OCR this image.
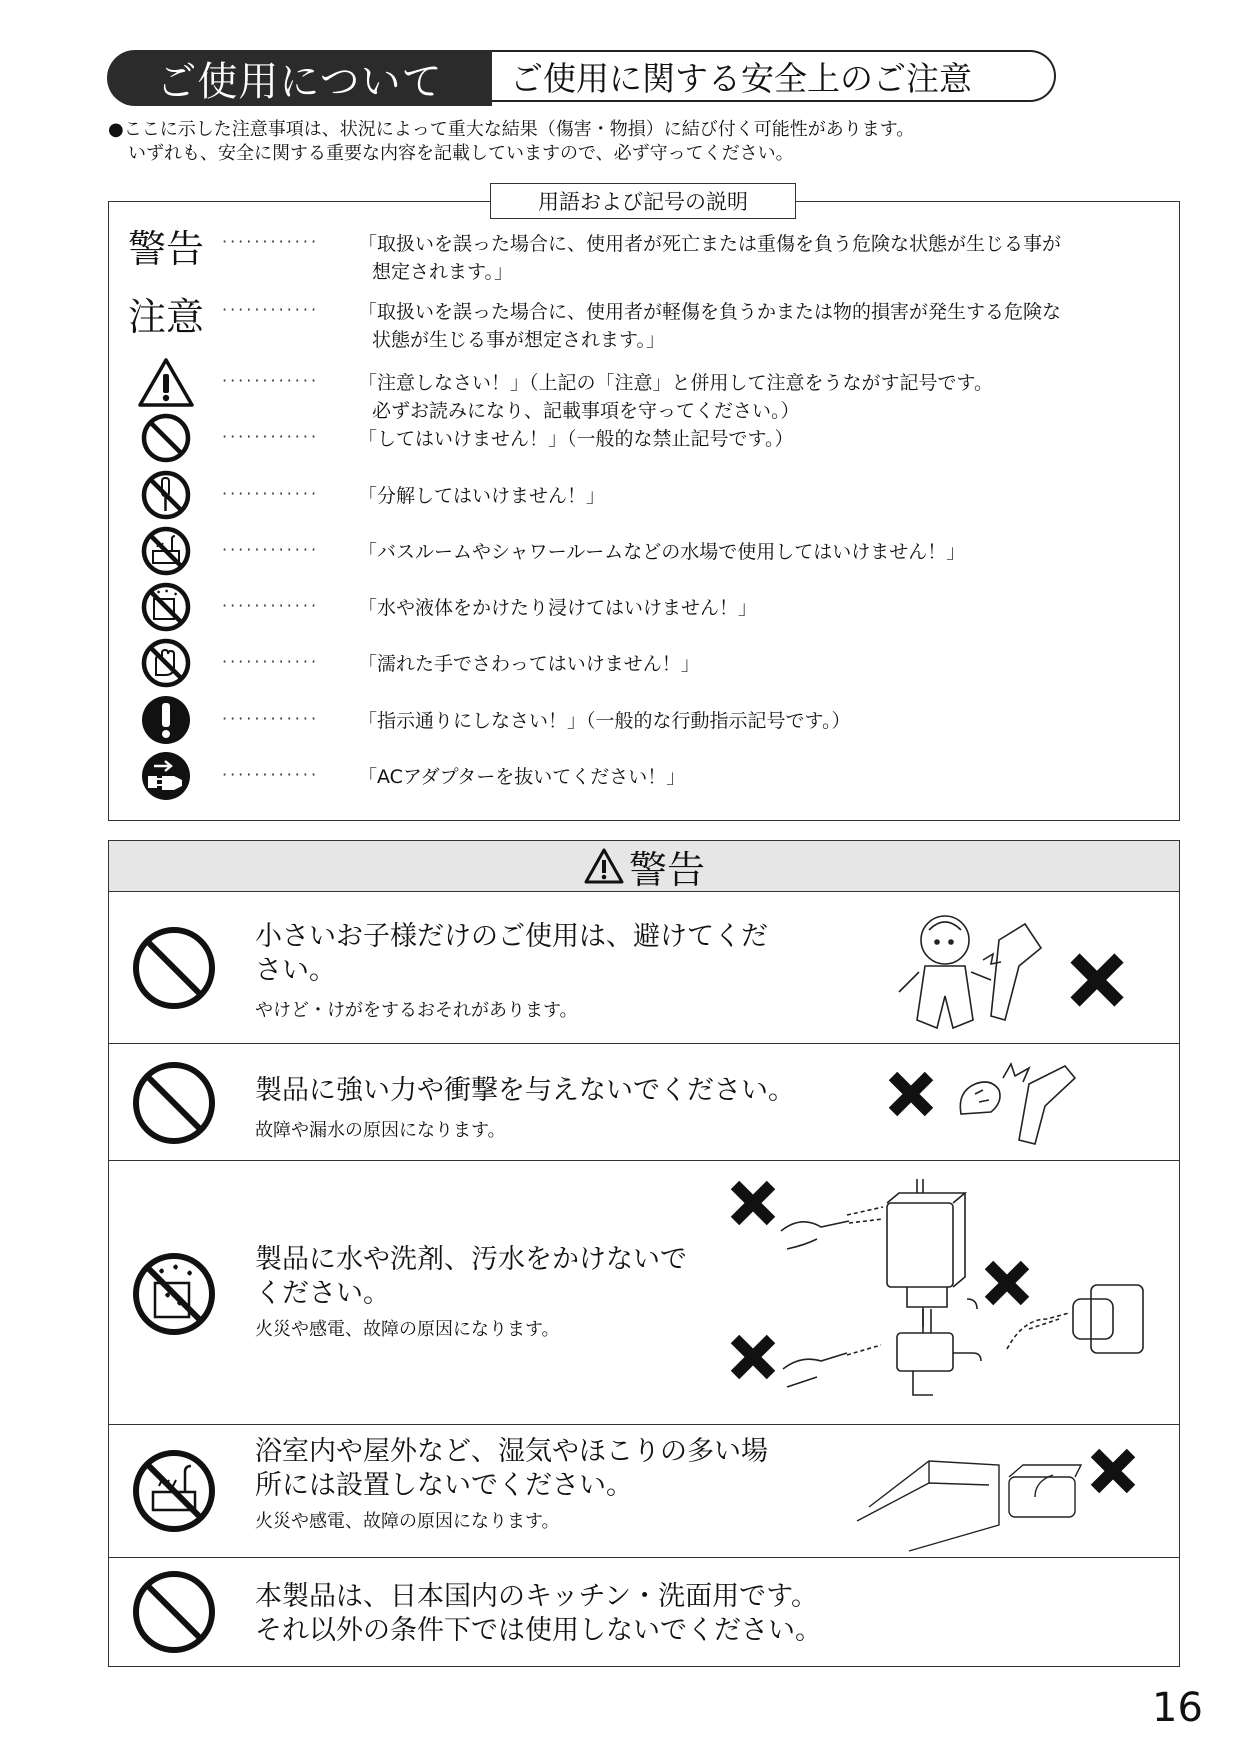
ご使用に関する安全上のご注意
ご使用について
●ここに示した注意事項は、状況によって重大な結果（傷害・物損）に結び付く可能性があります。
いずれも、安全に関する重要な内容を記載していますので、必ず守ってください。
用語および記号の説明
警告	············ 「取扱いを誤った場合に、使用者が死亡または重傷を負う危険な状態が生じる事が
想定されます。」
注意	············ 「取扱いを誤った場合に、使用者が軽傷を負うかまたは物的損害が発生する危険な
状態が生じる事が想定されます。」
············ 「注意しなさい！」（上記の「注意」と併用して注意をうながす記号です。
必ずお読みになり、記載事項を守ってください。）
············ 「してはいけません！」（一般的な禁止記号です。）
············ 「分解してはいけません！」
············ 「バスルームやシャワールームなどの水場で使用してはいけません！」
············ 「水や液体をかけたり浸けてはいけません！」
············ 「濡れた手でさわってはいけません！」
············ 「指示通りにしなさい！」（一般的な行動指示記号です。）
············ 「ACアダプターを抜いてください！」
警告
小さいお子様だけのご使用は、避けてくだ
さい。
やけど・けがをするおそれがあります。
製品に強い力や衝撃を与えないでください。
故障や漏水の原因になります。
製品に水や洗剤、汚水をかけないで
ください。
火災や感電、故障の原因になります。
浴室内や屋外など、湿気やほこりの多い場
所には設置しないでください。
火災や感電、故障の原因になります。
本製品は、日本国内のキッチン・洗面用です。
それ以外の条件下では使用しないでください。
16
